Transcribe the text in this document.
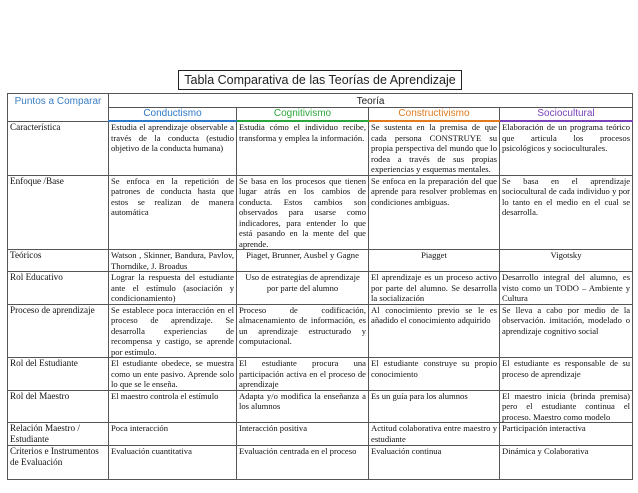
Tabla Comparativa de las Teorías de Aprendizaje
Puntos a Comparar	Teoría			
	Conductismo	Cognitivismo	Constructivismo	Sociocultural
Característica	Estudia el aprendizaje observable a través de la conducta (estudio objetivo de la conducta humana)	Estudia cómo el individuo recibe, transforma y emplea la información.	Se sustenta en la premisa de que cada persona CONSTRUYE su propia perspectiva del mundo que lo rodea a través de sus propias experiencias y esquemas mentales.	Elaboración de un programa teórico que articula los procesos psicológicos y socioculturales.
Enfoque /Base	Se enfoca en la repetición de patrones de conducta hasta que estos se realizan de manera automática	Se basa en los procesos que tienen lugar atrás en los cambios de conducta. Estos cambios son observados para usarse como indicadores, para entender lo que está pasando en la mente del que aprende.	Se enfoca en la preparación del que aprende para resolver problemas en condiciones ambiguas.	Se basa en el aprendizaje sociocultural de cada individuo y por lo tanto en el medio en el cual se desarrolla.
Teóricos	Watson , Skinner, Bandura, Pavlov, Thorndike, J. Broadus	Piaget, Brunner, Ausbel y Gagne	Piagget	Vigotsky
Rol Educativo	Lograr la respuesta del estudiante ante el estímulo (asociación y condicionamiento)	Uso de estrategias de aprendizaje por parte del alumno	El aprendizaje es un proceso activo por parte del alumno. Se desarrolla la socialización	Desarrollo integral del alumno, es visto como un TODO – Ambiente y Cultura
Proceso de aprendizaje	Se establece poca interacción en el proceso de aprendizaje. Se desarrolla experiencias de recompensa y castigo, se aprende por estímulo.	Proceso de codificación, almacenamiento de información, es un aprendizaje estructurado y computacional.	Al conocimiento previo se le es añadido el conocimiento adquirido	Se lleva a cabo por medio de la observación. imitación, modelado o aprendizaje cognitivo social
Rol del Estudiante	El estudiante obedece, se muestra como un ente pasivo. Aprende solo lo que se le enseña.	El estudiante procura una participación activa en el proceso de aprendizaje	El estudiante construye su propio conocimiento	El estudiante es responsable de su proceso de aprendizaje
Rol del Maestro	El maestro controla el estímulo	Adapta y/o modifica la enseñanza a los alumnos	Es un guía para los alumnos	El maestro inicia (brinda premisa) pero el estudiante continua el proceso. Maestro como modelo
Relación Maestro / Estudiante	Poca interacción	Interacción positiva	Actitud colaborativa entre maestro y estudiante	Participación interactiva
Criterios e Instrumentos de Evaluación	Evaluación cuantitativa	Evaluación centrada en el proceso	Evaluación continua	Dinámica y Colaborativa
